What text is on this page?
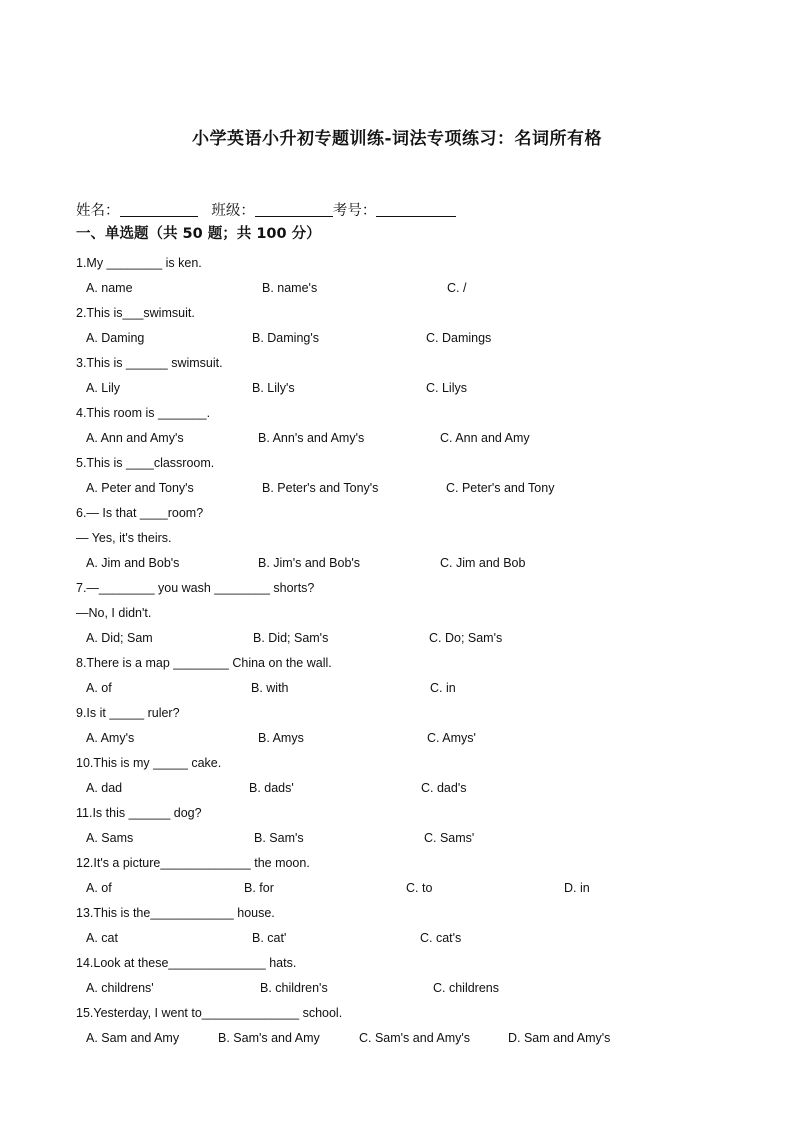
小学英语小升初专题训练-词法专项练习：名词所有格
姓名：	班级：	考号：
一、单选题（共 50 题；共 100 分）
1.My ________ is ken.
A. name	B. name's	C. /
2.This is___swimsuit.
A. Daming	B. Daming's	C. Damings
3.This is ______ swimsuit.
A. Lily	B. Lily's	C. Lilys
4.This room is _______.
A. Ann and Amy's	B. Ann's and Amy's	C. Ann and Amy
5.This is ____classroom.
A. Peter and Tony's	B. Peter's and Tony's	C. Peter's and Tony
6.— Is that ____room?
— Yes, it's theirs.
A. Jim and Bob's	B. Jim's and Bob's	C. Jim and Bob
7.—________ you wash ________ shorts?
—No, I didn't.
A. Did; Sam	B. Did; Sam's	C. Do; Sam's
8.There is a map ________ China on the wall.
A. of	B. with	C. in
9.Is it _____ ruler?
A. Amy's	B. Amys	C. Amys'
10.This is my _____ cake.
A. dad	B. dads'	C. dad's
11.Is this ______ dog?
A. Sams	B. Sam's	C. Sams'
12.It's a picture_____________ the moon.
A. of	B. for	C. to	D. in
13.This is the____________ house.
A. cat	B. cat'	C. cat's
14.Look at these______________ hats.
A. childrens'	B. children's	C. childrens
15.Yesterday, I went to______________ school.
A. Sam and Amy	B. Sam's and Amy	C. Sam's and Amy's	D. Sam and Amy's
